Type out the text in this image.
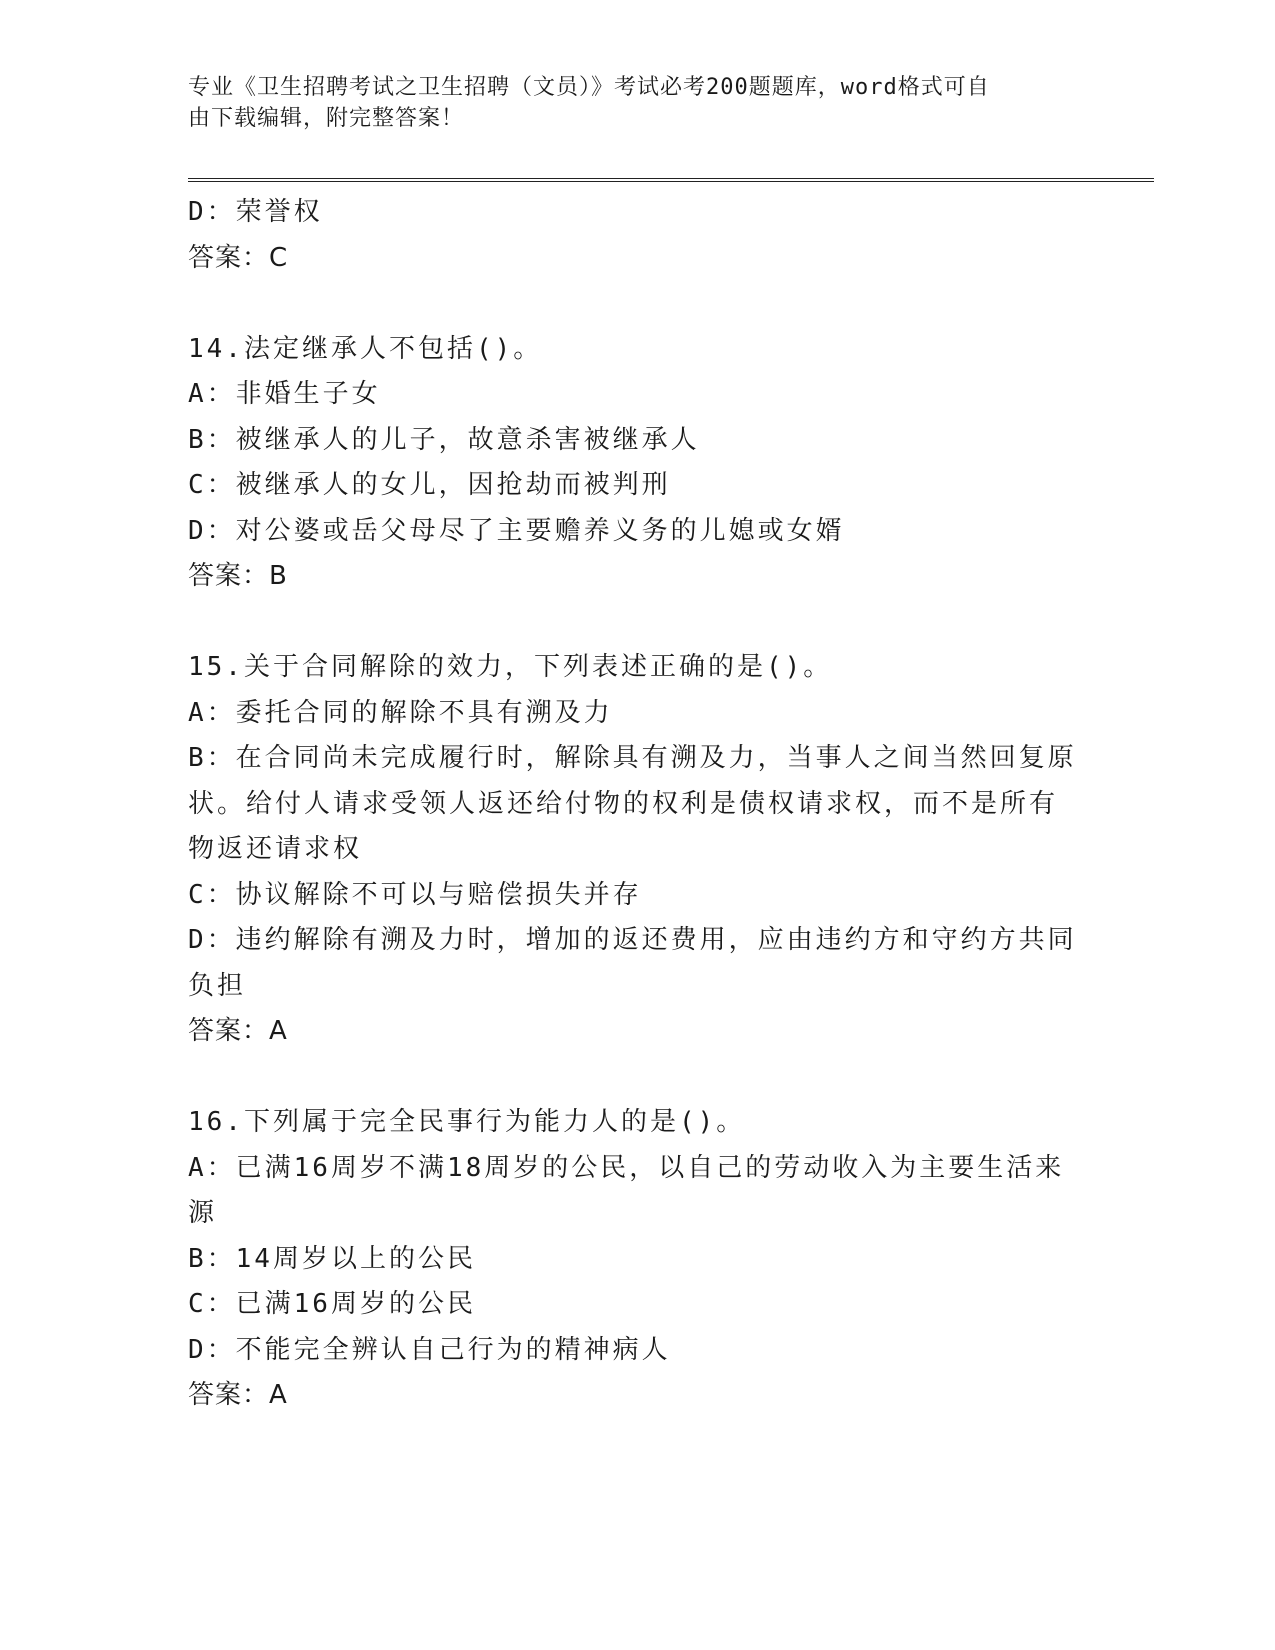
专业《卫生招聘考试之卫生招聘（文员）》考试必考200题题库，word格式可自
由下载编辑，附完整答案！
D：荣誉权
答案：C
14.法定继承人不包括()。
A：非婚生子女
B：被继承人的儿子，故意杀害被继承人
C：被继承人的女儿，因抢劫而被判刑
D：对公婆或岳父母尽了主要赡养义务的儿媳或女婿
答案：B
15.关于合同解除的效力，下列表述正确的是()。
A：委托合同的解除不具有溯及力
B：在合同尚未完成履行时，解除具有溯及力，当事人之间当然回复原
状。给付人请求受领人返还给付物的权利是债权请求权，而不是所有
物返还请求权
C：协议解除不可以与赔偿损失并存
D：违约解除有溯及力时，增加的返还费用，应由违约方和守约方共同
负担
答案：A
16.下列属于完全民事行为能力人的是()。
A：已满16周岁不满18周岁的公民，以自己的劳动收入为主要生活来
源
B：14周岁以上的公民
C：已满16周岁的公民
D：不能完全辨认自己行为的精神病人
答案：A
